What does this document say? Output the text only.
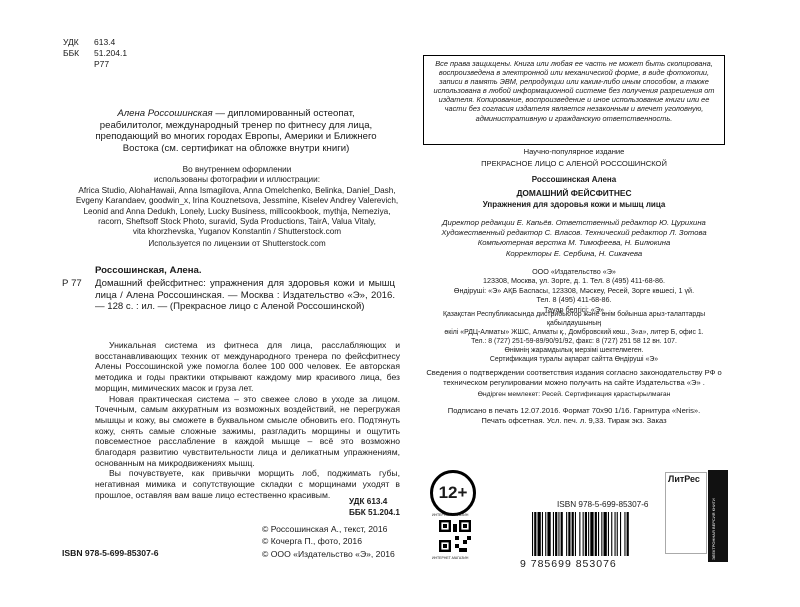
УДК 613.4
ББК 51.204.1
Р77
Алена Россошинская — дипломированный остеопат, реабилитолог, международный тренер по фитнесу для лица, преподающий во многих городах Европы, Америки и Ближнего Востока (см. сертификат на обложке внутри книги)
Во внутреннем оформлении
использованы фотографии и иллюстрации:
Africa Studio, AlohaHawaii, Anna Ismagilova, Anna Omelchenko, Belinka, Daniel_Dash,
Evgeny Karandaev, goodwin_x, Irina Kouznetsova, Jessmine, Kiselev Andrey Valerevich,
Leonid and Anna Dedukh, Lonely, Lucky Business, millicookbook, mythja, Nemeziya,
racorn, Sheftsoff Stock Photo, suravid, Syda Productions, TairA, Valua Vitaly,
vita khorzhevska, Yuganov Konstantin / Shutterstock.com
Используется по лицензии от Shutterstock.com
Россошинская, Алена.
Р 77 Домашний фейсфитнес: упражнения для здоровья кожи и мышц лица / Алена Россошинская. — Москва : Издательство «Э», 2016. — 128 с. : ил. — (Прекрасное лицо с Аленой Россошинской)

Уникальная система из фитнеса для лица, расслабляющих и восстанавливающих техник от международного тренера по фейсфитнесу Алены Россошинской уже помогла более 100 000 человек. Ее авторская методика и годы практики открывают каждому мир красивого лица, без морщин, мимических масок и груза лет.

Новая практическая система – это свежее слово в уходе за лицом. Точечным, самым аккуратным из возможных воздействий, не перегружая мышцы и кожу, вы сможете в буквальном смысле обновить его. Подтянуть кожу, снять самые сложные зажимы, разгладить морщины и ощутить повсеместное расслабление в каждой мышце – всё это возможно благодаря развитию чувствительности лица и деликатным упражнениям, основанным на микродвижениях мышц.

Вы почувствуете, как привычки морщить лоб, поджимать губы, негативная мимика и сопутствующие складки с морщинами уходят в прошлое, оставляя вам ваше лицо естественно красивым.

УДК 613.4
ББК 51.204.1
ISBN 978-5-699-85307-6
© Россошинская А., текст, 2016
© Кочерга П., фото, 2016
© ООО «Издательство «Э», 2016
12+
ИНТЕРНЕТ-МАГАЗИН
ИНТЕРНЕТ-МАГАЗИН
Все права защищены. Книга или любая ее часть не может быть скопирована, воспроизведена в электронной или механической форме, в виде фотокопии, записи в память ЭВМ, репродукции или каким-либо иным способом, а также использована в любой информационной системе без получения разрешения от издателя. Копирование, воспроизведение и иное использование книги или ее части без согласия издателя является незаконным и влечет уголовную, административную и гражданскую ответственность.
Научно-популярное издание
ПРЕКРАСНОЕ ЛИЦО С АЛЕНОЙ РОССОШИНСКОЙ
Россошинская Алена
ДОМАШНИЙ ФЕЙСФИТНЕС
Упражнения для здоровья кожи и мышц лица
Директор редакции Е. Капьёв. Ответственный редактор Ю. Цурихина
Художественный редактор С. Власов. Технический редактор Л. Зотова
Компьютерная верстка М. Тимофеева, Н. Билюкина
Корректоры Е. Сербина, Н. Сикачева
ООО «Издательство «Э»
123308, Москва, ул. Зорге, д. 1. Тел. 8 (495) 411-68-86.
Өндіруші: «Э» АҚБ Баспасы, 123308, Мәскеу, Ресей, Зорге көшесі, 1 үй.
Тел. 8 (495) 411-68-86.
Тауар белгісі: «Э»
Қазақстан Республикасында дистрибьютор және өнім бойынша арыз-талаптарды қабылдаушының
өкілі «РДЦ-Алматы» ЖШС, Алматы қ., Домбровский көш., 3«а», литер Б, офис 1.
Тел.: 8 (727) 251-59-89/90/91/92, факс: 8 (727) 251 58 12 вн. 107.
Өнімнің жарамдылық мерзімі шектелмеген.
Сертификация туралы ақпарат сайтта Өндіруші «Э»
Сведения о подтверждении соответствия издания согласно законодательству РФ о техническом регулировании можно получить на сайте Издательства «Э» .
Өндірген мемлекет: Ресей. Сертификация қарастырылмаған
Подписано в печать 12.07.2016. Формат 70x90 1/16. Гарнитура «Neris».
Печать офсетная. Усл. печ. л. 9,33. Тираж экз. Заказ
ЛитРес
ЭЛЕКТРОННАЯ ВЕРСИЯ КНИГИ
ISBN 978-5-699-85307-6
9 785699 853076
